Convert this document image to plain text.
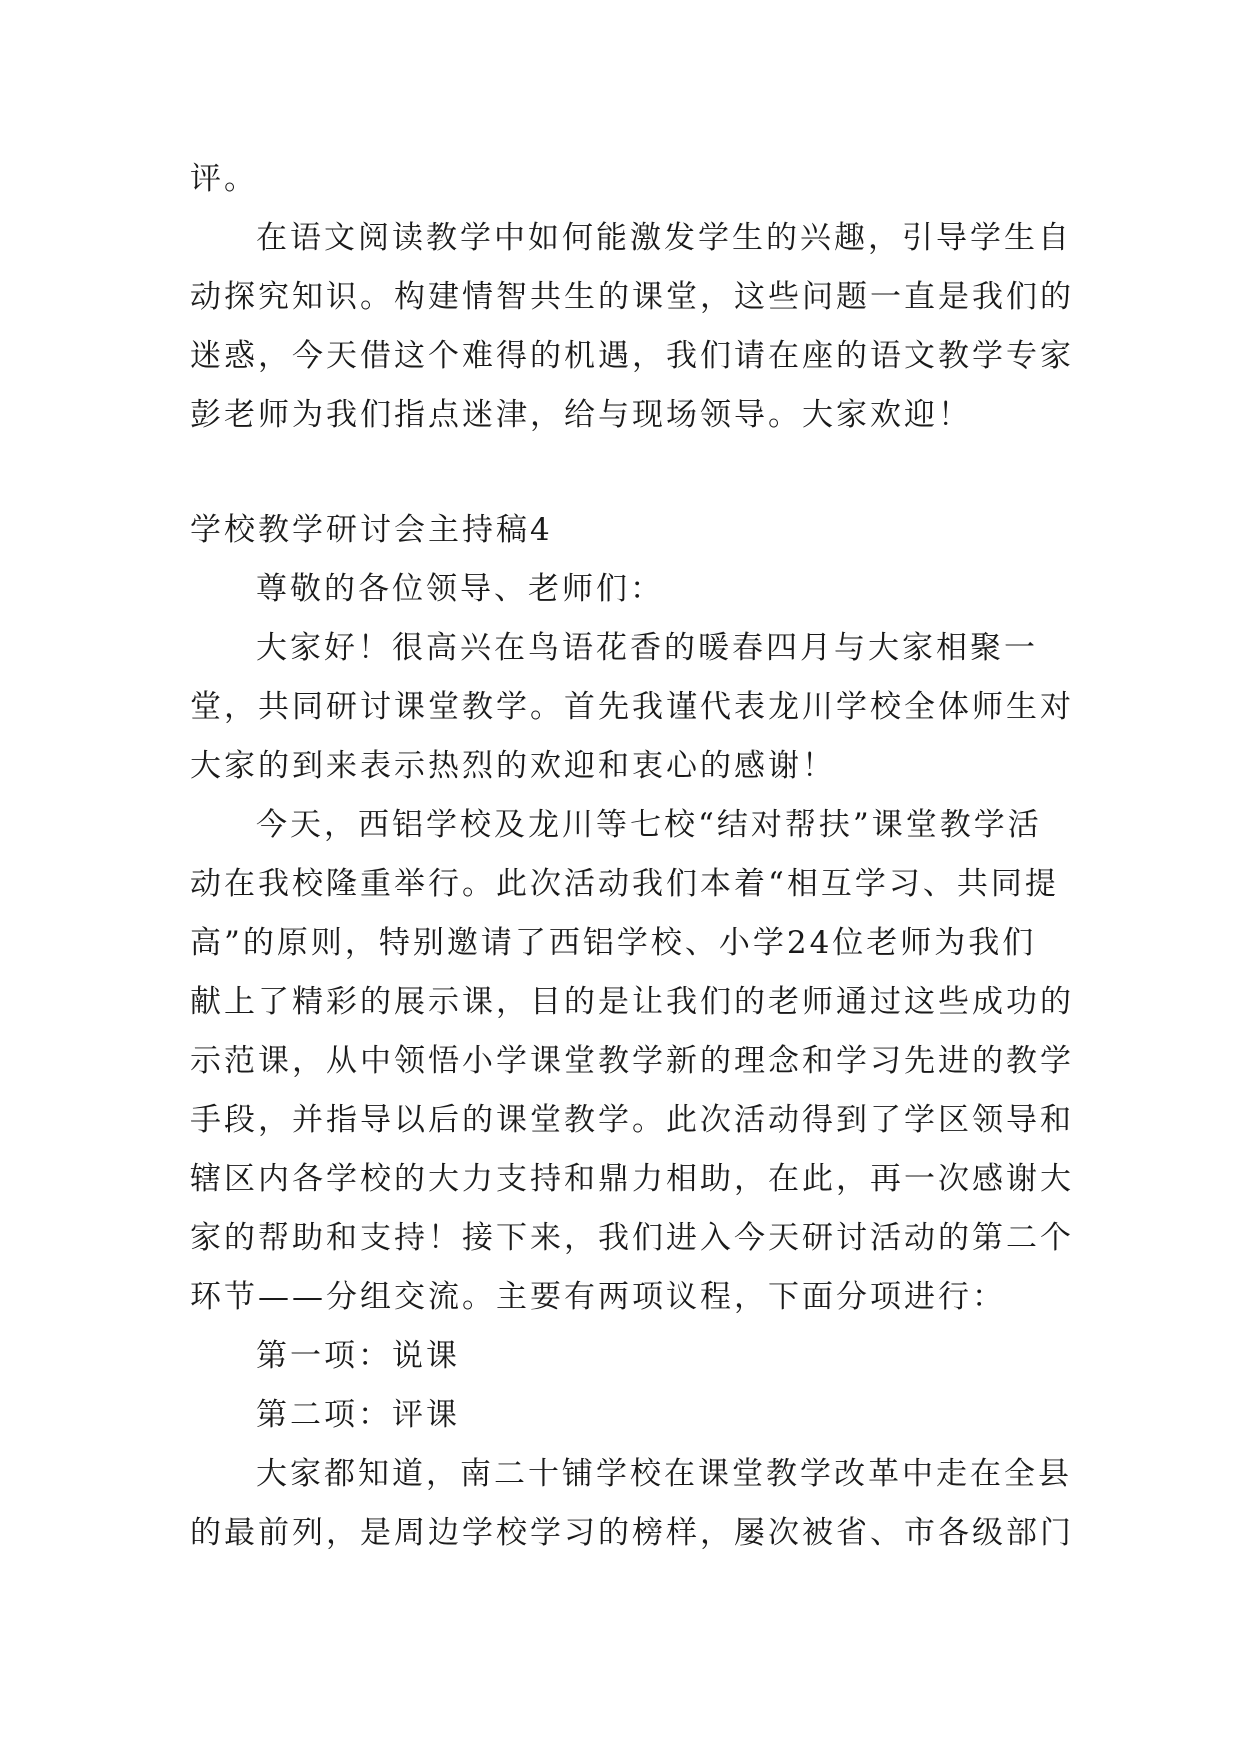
评。

在语文阅读教学中如何能激发学生的兴趣，引导学生自

动探究知识。构建情智共生的课堂，这些问题一直是我们的

迷惑，今天借这个难得的机遇，我们请在座的语文教学专家

彭老师为我们指点迷津，给与现场领导。大家欢迎！

学校教学研讨会主持稿4

尊敬的各位领导、老师们：

大家好！很高兴在鸟语花香的暖春四月与大家相聚一

堂，共同研讨课堂教学。首先我谨代表龙川学校全体师生对

大家的到来表示热烈的欢迎和衷心的感谢！

今天，西铝学校及龙川等七校“结对帮扶”课堂教学活

动在我校隆重举行。此次活动我们本着“相互学习、共同提

高”的原则，特别邀请了西铝学校、小学24位老师为我们

献上了精彩的展示课，目的是让我们的老师通过这些成功的

示范课，从中领悟小学课堂教学新的理念和学习先进的教学

手段，并指导以后的课堂教学。此次活动得到了学区领导和

辖区内各学校的大力支持和鼎力相助，在此，再一次感谢大

家的帮助和支持！接下来，我们进入今天研讨活动的第二个

环节——分组交流。主要有两项议程，下面分项进行：

第一项：说课

第二项：评课

大家都知道，南二十铺学校在课堂教学改革中走在全县

的最前列，是周边学校学习的榜样，屡次被省、市各级部门
